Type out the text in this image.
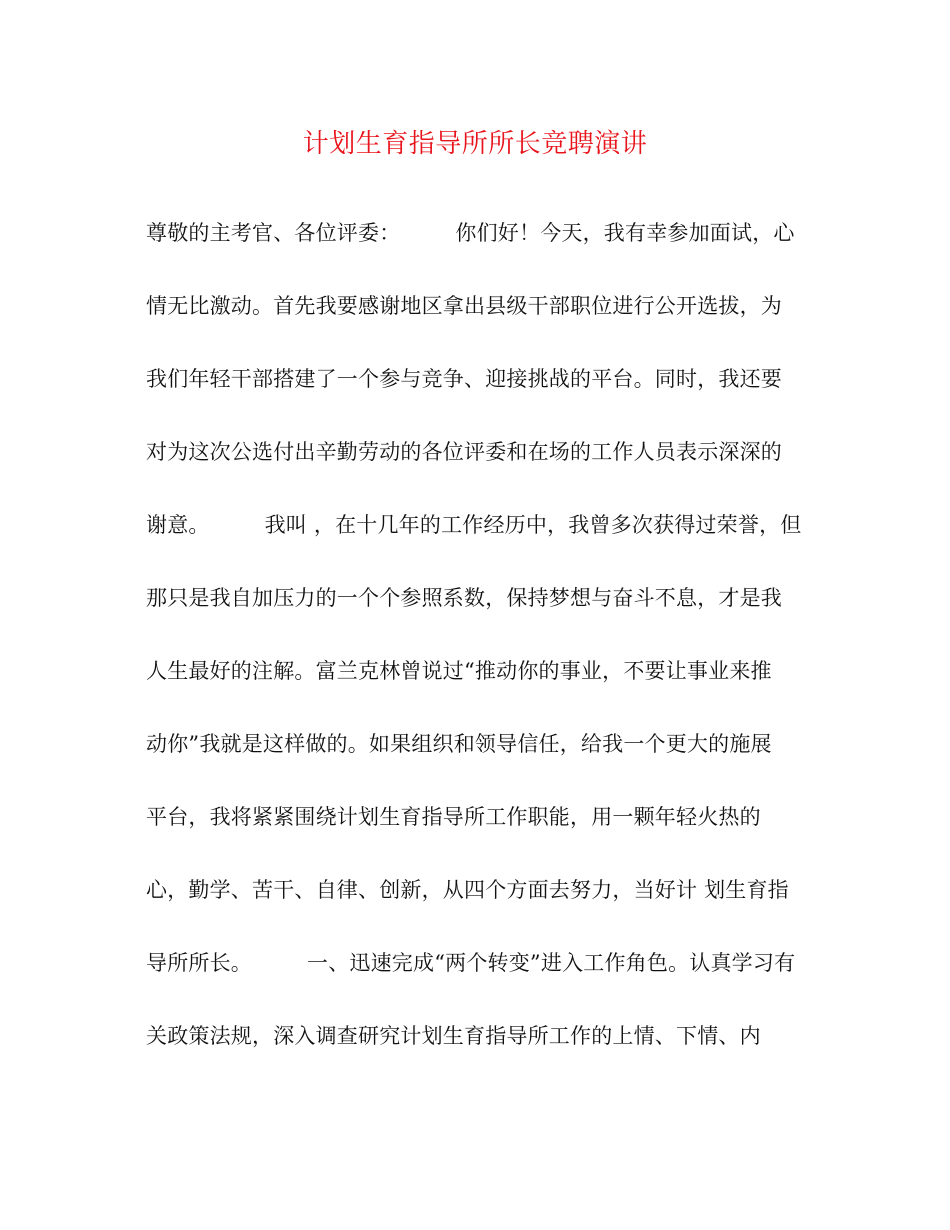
计划生育指导所所长竞聘演讲
尊敬的主考官、各位评委：        你们好！今天，我有幸参加面试，心
情无比激动。首先我要感谢地区拿出县级干部职位进行公开选拔，为
我们年轻干部搭建了一个参与竞争、迎接挑战的平台。同时，我还要
对为这次公选付出辛勤劳动的各位评委和在场的工作人员表示深深的
谢意。        我叫 ，在十几年的工作经历中，我曾多次获得过荣誉，但
那只是我自加压力的一个个参照系数，保持梦想与奋斗不息，才是我
人生最好的注解。富兰克林曾说过“推动你的事业，不要让事业来推
动你”我就是这样做的。如果组织和领导信任，给我一个更大的施展
平台，我将紧紧围绕计划生育指导所工作职能，用一颗年轻火热的
心，勤学、苦干、自律、创新，从四个方面去努力，当好计 划生育指
导所所长。        一、迅速完成“两个转变”进入工作角色。认真学习有
关政策法规，深入调查研究计划生育指导所工作的上情、下情、内
